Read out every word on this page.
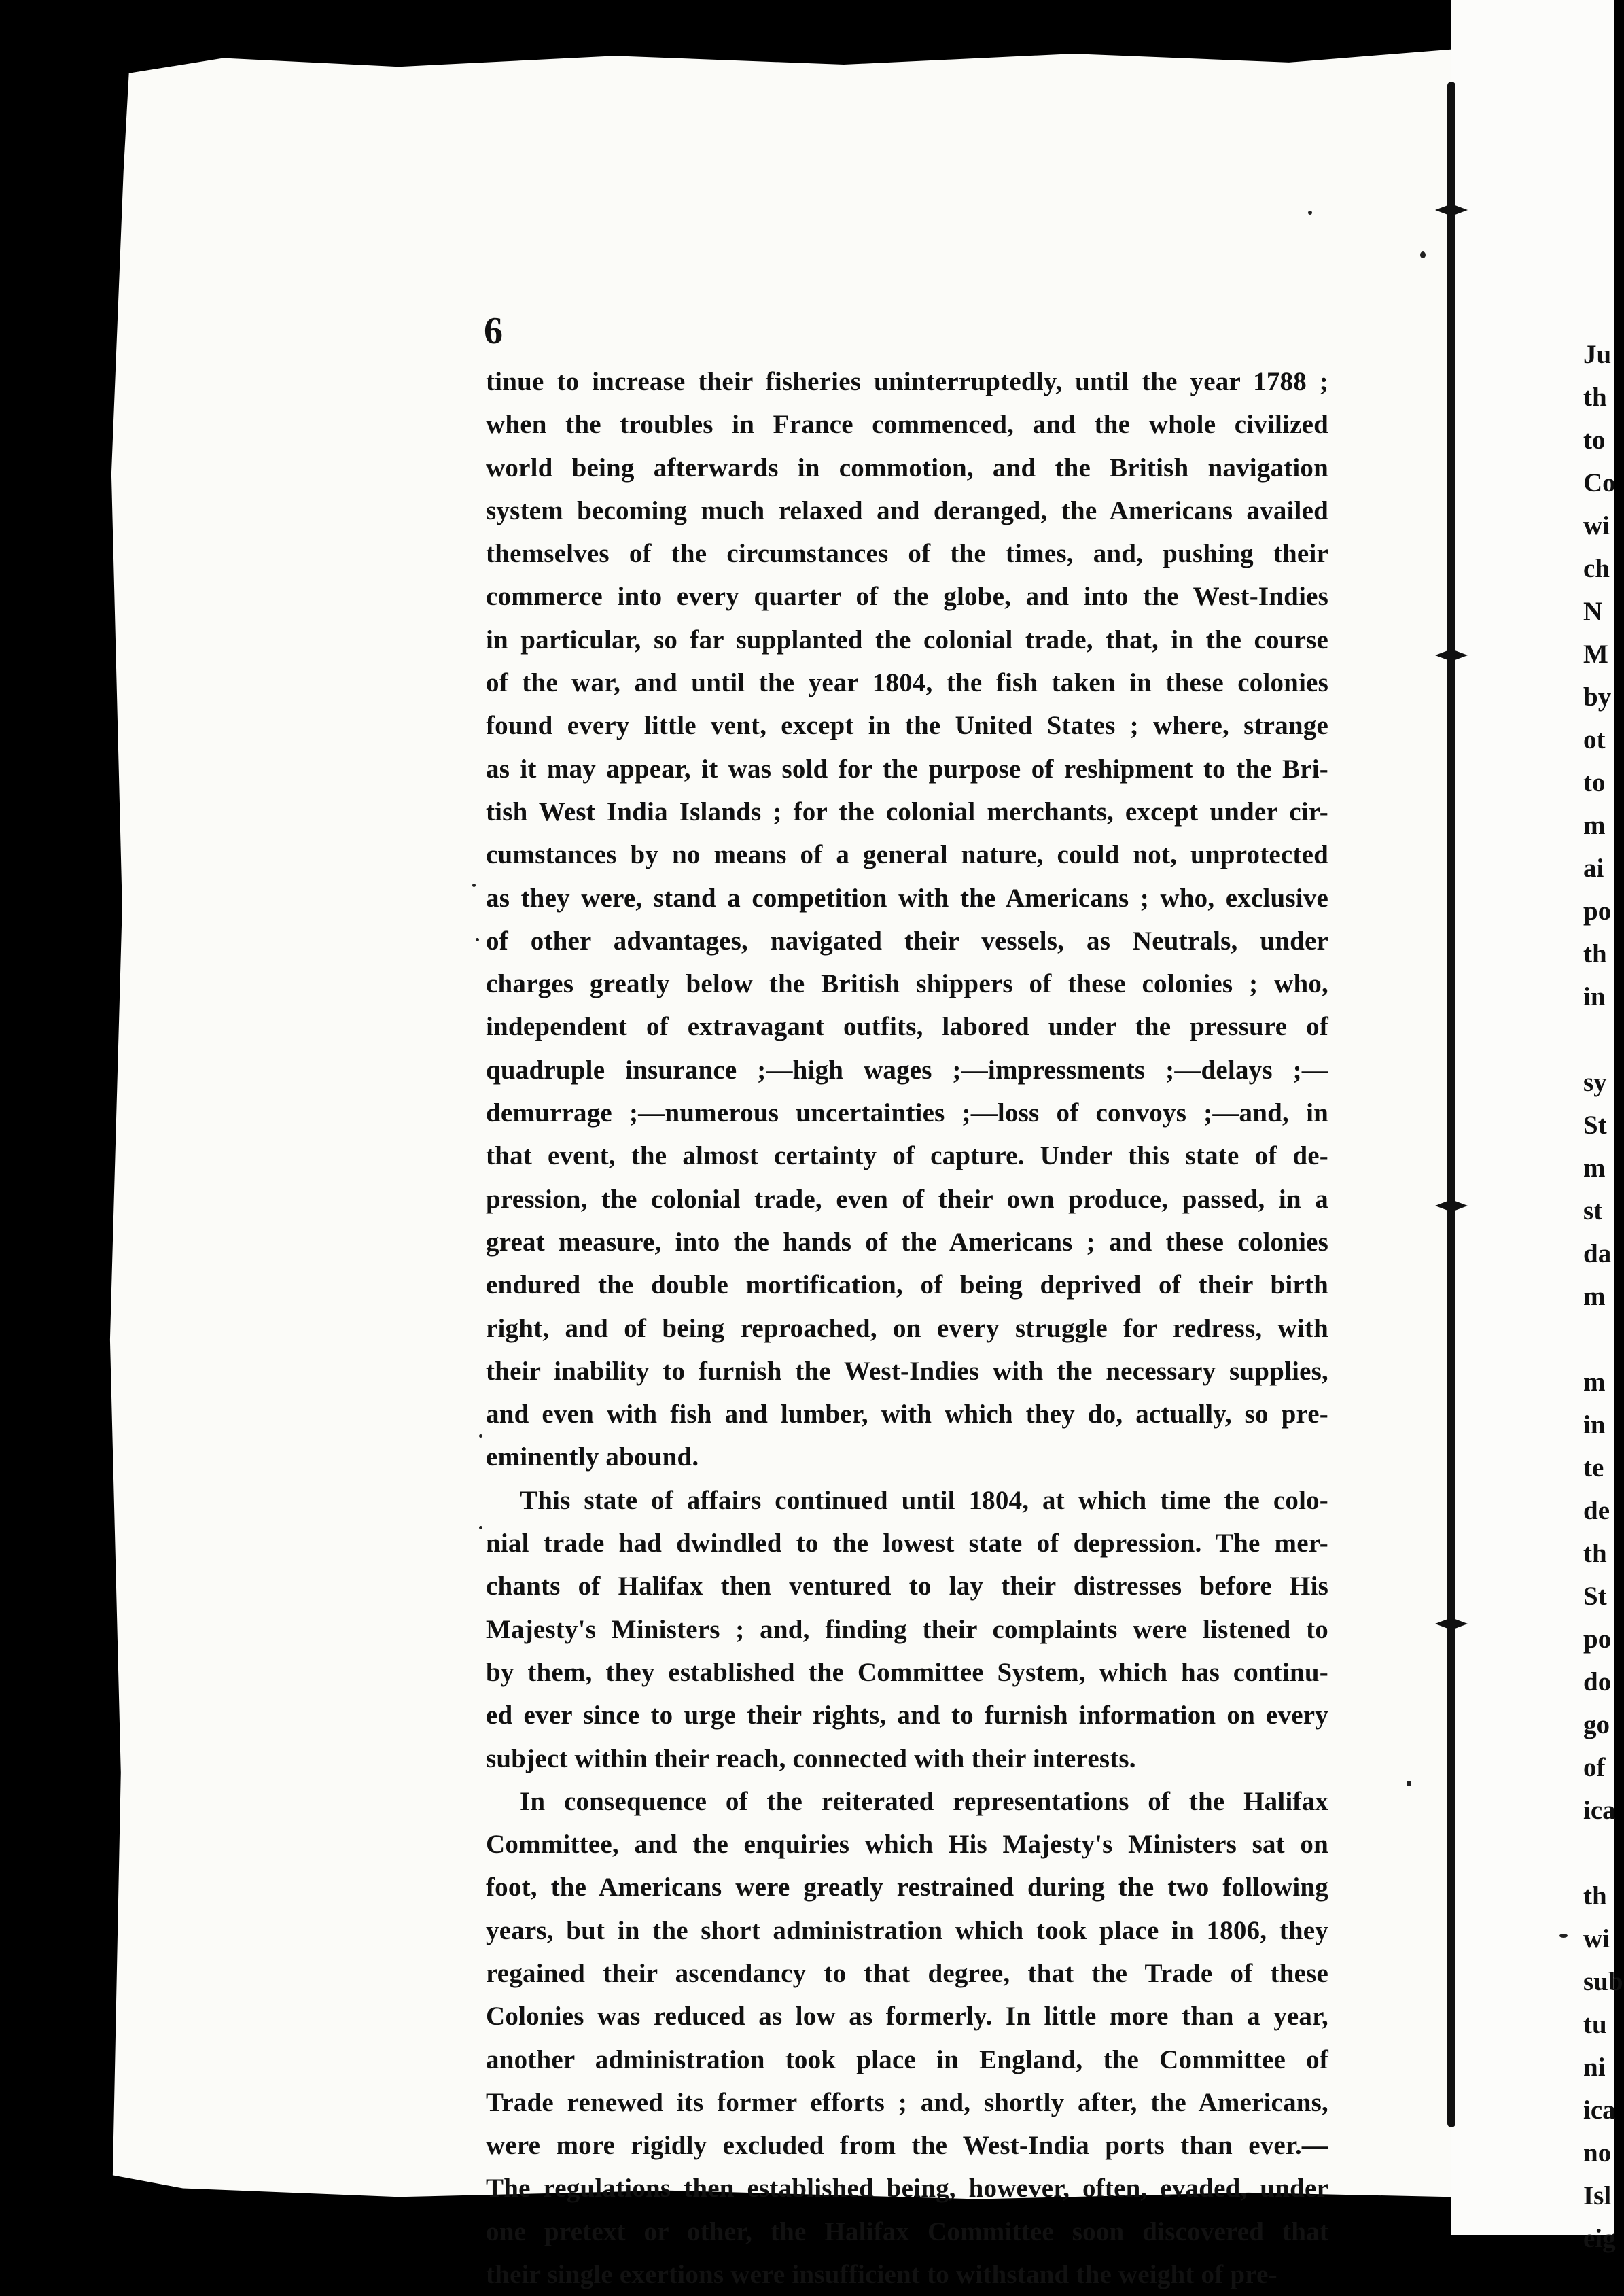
6

tinue to increase their fisheries uninterruptedly, until the year 1788 ;
when the troubles in France commenced, and the whole civilized
world being afterwards in commotion, and the British navigation
system becoming much relaxed and deranged, the Americans availed
themselves of the circumstances of the times, and, pushing their
commerce into every quarter of the globe, and into the West-Indies
in particular, so far supplanted the colonial trade, that, in the course
of the war, and until the year 1804, the fish taken in these colonies
found every little vent, except in the United States ; where, strange
as it may appear, it was sold for the purpose of reshipment to the Bri-
tish West India Islands ; for the colonial merchants, except under cir-
cumstances by no means of a general nature, could not, unprotected
as they were, stand a competition with the Americans ; who, exclusive
of other advantages, navigated their vessels, as Neutrals, under
charges greatly below the British shippers of these colonies ; who,
independent of extravagant outfits, labored under the pressure of
quadruple insurance ;—high wages ;—impressments ;—delays ;—
demurrage ;—numerous uncertainties ;—loss of convoys ;—and, in
that event, the almost certainty of capture. Under this state of de-
pression, the colonial trade, even of their own produce, passed, in a
great measure, into the hands of the Americans ; and these colonies
endured the double mortification, of being deprived of their birth
right, and of being reproached, on every struggle for redress, with
their inability to furnish the West-Indies with the necessary supplies,
and even with fish and lumber, with which they do, actually, so pre-
eminently abound.

This state of affairs continued until 1804, at which time the colo-
nial trade had dwindled to the lowest state of depression. The mer-
chants of Halifax then ventured to lay their distresses before His
Majesty's Ministers ; and, finding their complaints were listened to
by them, they established the Committee System, which has continu-
ed ever since to urge their rights, and to furnish information on every
subject within their reach, connected with their interests.

In consequence of the reiterated representations of the Halifax
Committee, and the enquiries which His Majesty's Ministers sat on
foot, the Americans were greatly restrained during the two following
years, but in the short administration which took place in 1806, they
regained their ascendancy to that degree, that the Trade of these
Colonies was reduced as low as formerly. In little more than a year,
another administration took place in England, the Committee of
Trade renewed its former efforts ; and, shortly after, the Americans,
were more rigidly excluded from the West-India ports than ever.—
The regulations then established being, however, often, evaded, under
one pretext or other, the Halifax Committee soon discovered that
their single exertions were insufficient to withstand the weight of pre-

Ju
th
to
Co
wi
ch
N
M
by
ot
to
m
ai
po
th
in
sy
St
m
st
da
m
m
in
te
de
th
St
po
do
go
of
ica
th
wi
sub
tu
ni
ica
no
Isl
eig
